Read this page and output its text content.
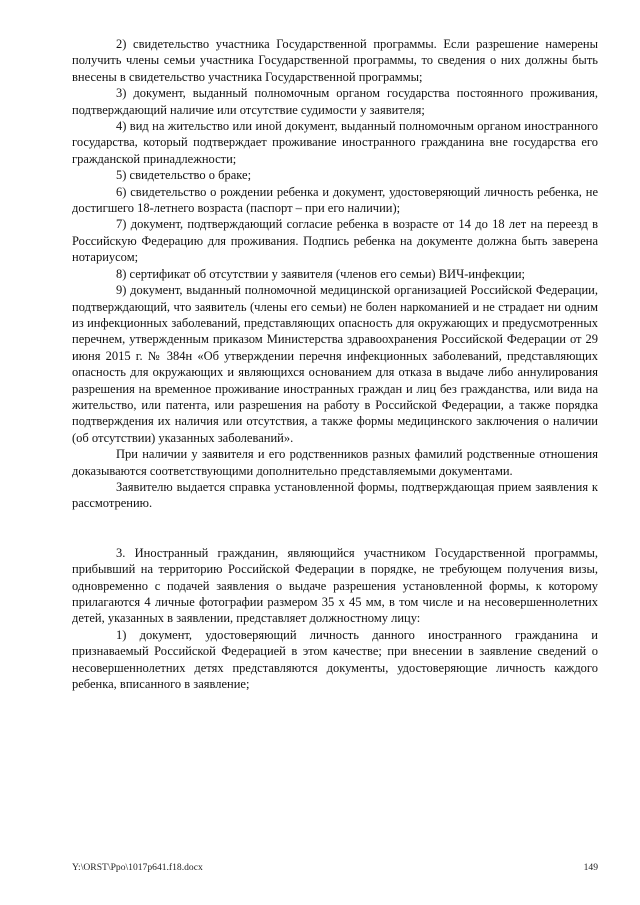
2) свидетельство участника Государственной программы. Если разрешение намерены получить члены семьи участника Государственной программы, то сведения о них должны быть внесены в свидетельство участника Государственной программы;

3) документ, выданный полномочным органом государства постоянного проживания, подтверждающий наличие или отсутствие судимости у заявителя;

4) вид на жительство или иной документ, выданный полномочным органом иностранного государства, который подтверждает проживание иностранного гражданина вне государства его гражданской принадлежности;

5) свидетельство о браке;

6) свидетельство о рождении ребенка и документ, удостоверяющий личность ребенка, не достигшего 18-летнего возраста (паспорт – при его наличии);

7) документ, подтверждающий согласие ребенка в возрасте от 14 до 18 лет на переезд в Российскую Федерацию для проживания. Подпись ребенка на документе должна быть заверена нотариусом;

8) сертификат об отсутствии у заявителя (членов его семьи) ВИЧ-инфекции;

9) документ, выданный полномочной медицинской организацией Российской Федерации, подтверждающий, что заявитель (члены его семьи) не болен наркоманией и не страдает ни одним из инфекционных заболеваний, представляющих опасность для окружающих и предусмотренных перечнем, утвержденным приказом Министерства здравоохранения Российской Федерации от 29 июня 2015 г. № 384н «Об утверждении перечня инфекционных заболеваний, представляющих опасность для окружающих и являющихся основанием для отказа в выдаче либо аннулирования разрешения на временное проживание иностранных граждан и лиц без гражданства, или вида на жительство, или патента, или разрешения на работу в Российской Федерации, а также порядка подтверждения их наличия или отсутствия, а также формы медицинского заключения о наличии (об отсутствии) указанных заболеваний».

При наличии у заявителя и его родственников разных фамилий родственные отношения доказываются соответствующими дополнительно представляемыми документами.

Заявителю выдается справка установленной формы, подтверждающая прием заявления к рассмотрению.

3. Иностранный гражданин, являющийся участником Государственной программы, прибывший на территорию Российской Федерации в порядке, не требующем получения визы, одновременно с подачей заявления о выдаче разрешения установленной формы, к которому прилагаются 4 личные фотографии размером 35 x 45 мм, в том числе и на несовершеннолетних детей, указанных в заявлении, представляет должностному лицу:

1) документ, удостоверяющий личность данного иностранного гражданина и признаваемый Российской Федерацией в этом качестве; при внесении в заявление сведений о несовершеннолетних детях представляются документы, удостоверяющие личность каждого ребенка, вписанного в заявление;

Y:\ORST\Ppo\1017p641.f18.docx	149
